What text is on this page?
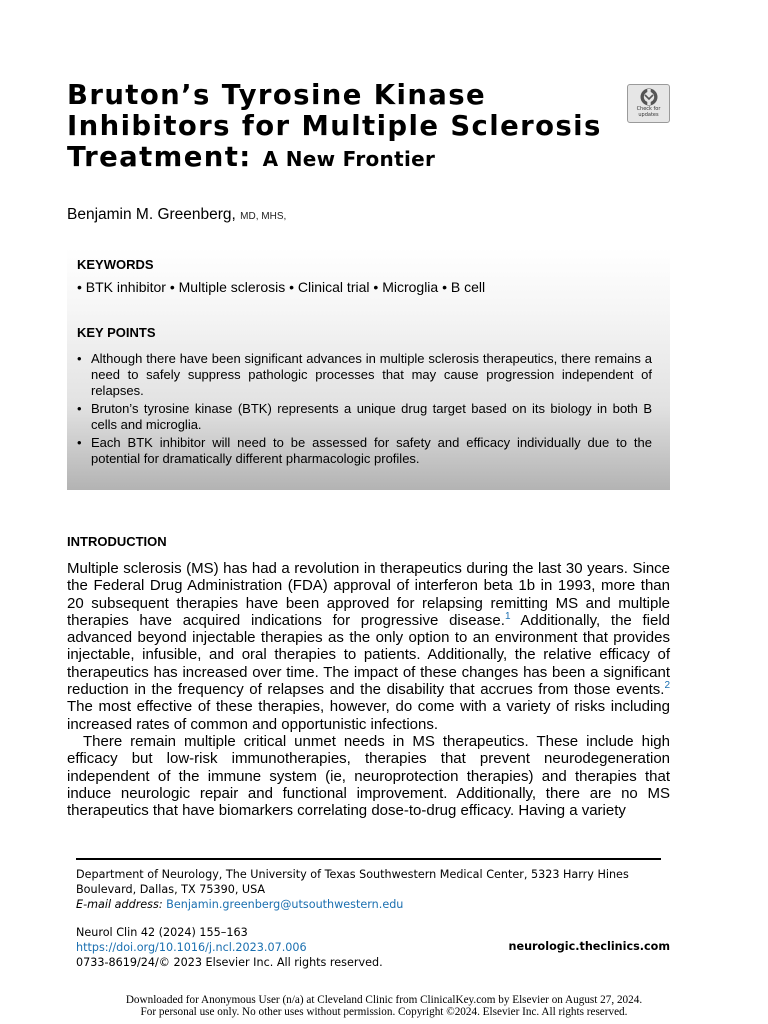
Bruton’s Tyrosine Kinase Inhibitors for Multiple Sclerosis Treatment: A New Frontier
Check for
updates
Benjamin M. Greenberg, MD, MHS,
KEYWORDS
• BTK inhibitor • Multiple sclerosis • Clinical trial • Microglia • B cell
KEY POINTS
• Although there have been significant advances in multiple sclerosis therapeutics, there remains a need to safely suppress pathologic processes that may cause progression independent of relapses.
• Bruton’s tyrosine kinase (BTK) represents a unique drug target based on its biology in both B cells and microglia.
• Each BTK inhibitor will need to be assessed for safety and efficacy individually due to the potential for dramatically different pharmacologic profiles.
INTRODUCTION

Multiple sclerosis (MS) has had a revolution in therapeutics during the last 30 years. Since the Federal Drug Administration (FDA) approval of interferon beta 1b in 1993, more than 20 subsequent therapies have been approved for relapsing remitting MS and multiple therapies have acquired indications for progressive disease.$^1$ Additionally, the field advanced beyond injectable therapies as the only option to an environment that provides injectable, infusible, and oral therapies to patients. Additionally, the relative efficacy of therapeutics has increased over time. The impact of these changes has been a significant reduction in the frequency of relapses and the disability that accrues from those events.$^2$ The most effective of these therapies, however, do come with a variety of risks including increased rates of common and opportunistic infections.

There remain multiple critical unmet needs in MS therapeutics. These include high efficacy but low-risk immunotherapies, therapies that prevent neurodegeneration independent of the immune system (ie, neuroprotection therapies) and therapies that induce neurologic repair and functional improvement. Additionally, there are no MS therapeutics that have biomarkers correlating dose-to-drug efficacy. Having a variety

Department of Neurology, The University of Texas Southwestern Medical Center, 5323 Harry Hines Boulevard, Dallas, TX 75390, USA
E-mail address: Benjamin.greenberg@utsouthwestern.edu
Neurol Clin 42 (2024) 155–163
https://doi.org/10.1016/j.ncl.2023.07.006
0733-8619/24/© 2023 Elsevier Inc. All rights reserved.
neurologic.theclinics.com
Downloaded for Anonymous User (n/a) at Cleveland Clinic from ClinicalKey.com by Elsevier on August 27, 2024.
For personal use only. No other uses without permission. Copyright ©2024. Elsevier Inc. All rights reserved.
